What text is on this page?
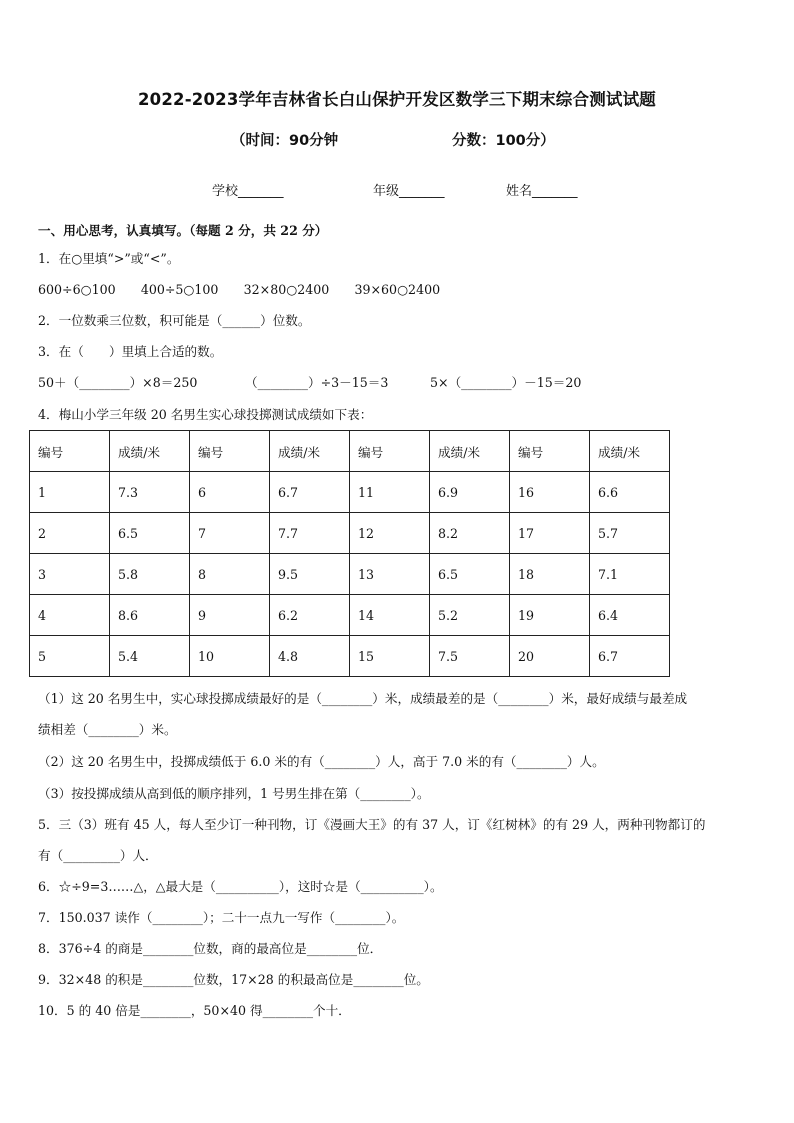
2022-2023学年吉林省长白山保护开发区数学三下期末综合测试试题
（时间：90分钟	分数：100分）
学校_______	年级_______	姓名_______
一、用心思考，认真填写。（每题 2 分，共 22 分）
1．在○里填“>”或“<”。
600÷6○100　　400÷5○100　　32×80○2400　　39×60○2400
2．一位数乘三位数，积可能是（______）位数。
3．在（　　）里填上合适的数。
50＋（________）×8＝250	（________）÷3－15＝3	5×（________）－15＝20
4．梅山小学三年级 20 名男生实心球投掷测试成绩如下表：
编号	成绩/米	编号	成绩/米	编号	成绩/米	编号	成绩/米
1	7.3	6	6.7	11	6.9	16	6.6
2	6.5	7	7.7	12	8.2	17	5.7
3	5.8	8	9.5	13	6.5	18	7.1
4	8.6	9	6.2	14	5.2	19	6.4
5	5.4	10	4.8	15	7.5	20	6.7
（1）这 20 名男生中，实心球投掷成绩最好的是（________）米，成绩最差的是（________）米，最好成绩与最差成
绩相差（________）米。
（2）这 20 名男生中，投掷成绩低于 6.0 米的有（________）人，高于 7.0 米的有（________）人。
（3）按投掷成绩从高到低的顺序排列，1 号男生排在第（________）。
5．三（3）班有 45 人，每人至少订一种刊物，订《漫画大王》的有 37 人，订《红树林》的有 29 人，两种刊物都订的
有（_________）人．
6．☆÷9=3……△，△最大是（__________），这时☆是（__________）。
7．150.037 读作（________）；二十一点九一写作（________）。
8．376÷4 的商是________位数，商的最高位是________位．
9．32×48 的积是________位数，17×28 的积最高位是________位。
10．5 的 40 倍是________，50×40 得________个十．
